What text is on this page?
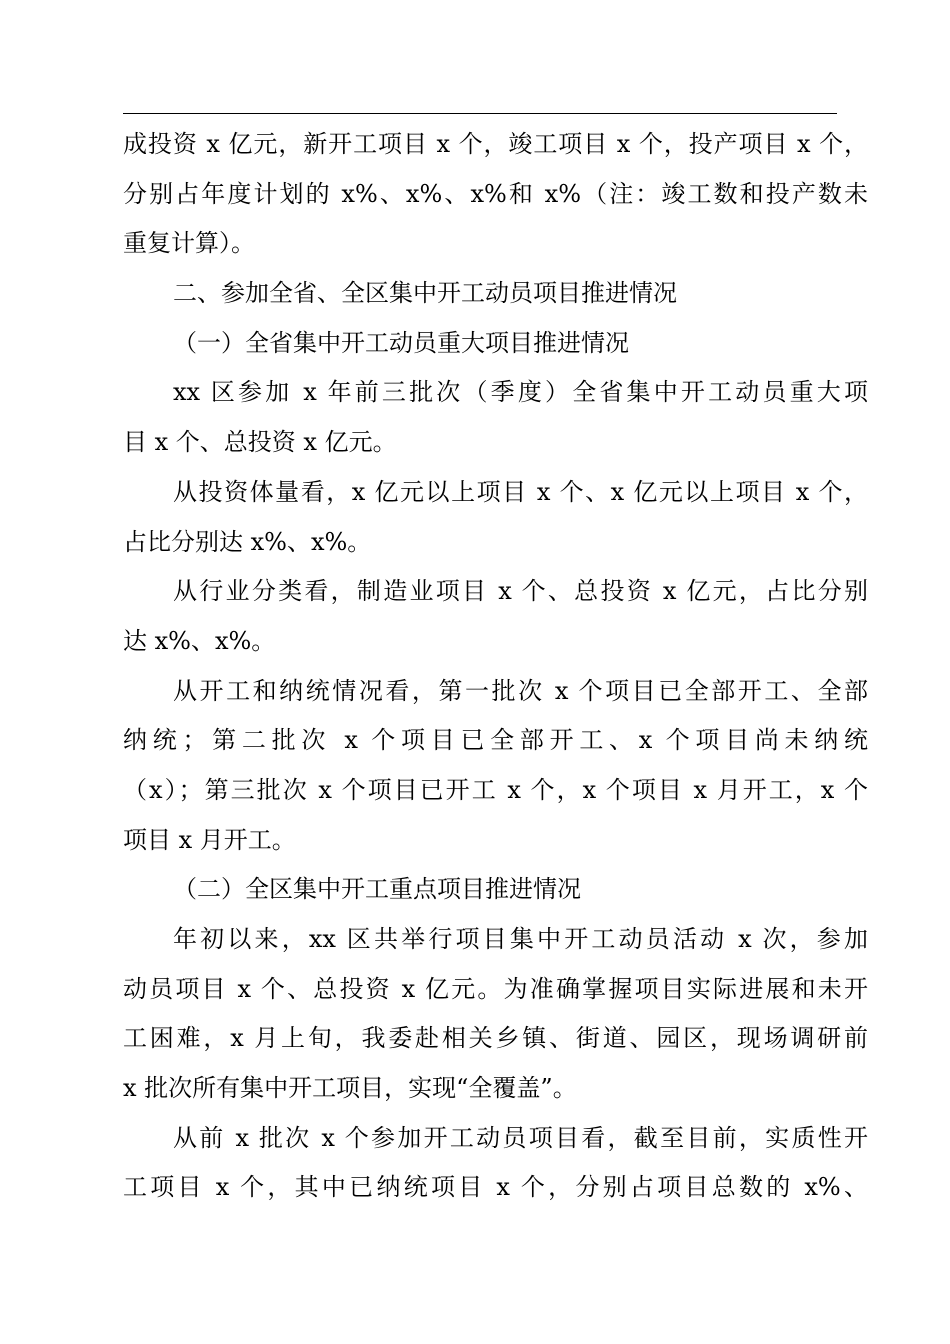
成投资 x 亿元，新开工项目 x 个，竣工项目 x 个，投产项目 x 个，
分别占年度计划的 x%、x%、x%和 x%（注：竣工数和投产数未
重复计算）。
二、参加全省、全区集中开工动员项目推进情况
（一）全省集中开工动员重大项目推进情况
xx 区参加 x 年前三批次（季度）全省集中开工动员重大项
目 x 个、总投资 x 亿元。
从投资体量看，x 亿元以上项目 x 个、x 亿元以上项目 x 个，
占比分别达 x%、x%。
从行业分类看，制造业项目 x 个、总投资 x 亿元，占比分别
达 x%、x%。
从开工和纳统情况看，第一批次 x 个项目已全部开工、全部
纳统；第二批次 x 个项目已全部开工、x 个项目尚未纳统
（x）；第三批次 x 个项目已开工 x 个，x 个项目 x 月开工，x 个
项目 x 月开工。
（二）全区集中开工重点项目推进情况
年初以来，xx 区共举行项目集中开工动员活动 x 次，参加
动员项目 x 个、总投资 x 亿元。为准确掌握项目实际进展和未开
工困难，x 月上旬，我委赴相关乡镇、街道、园区，现场调研前
x 批次所有集中开工项目，实现“全覆盖”。
从前 x 批次 x 个参加开工动员项目看，截至目前，实质性开
工项目 x 个，其中已纳统项目 x 个，分别占项目总数的 x%、
